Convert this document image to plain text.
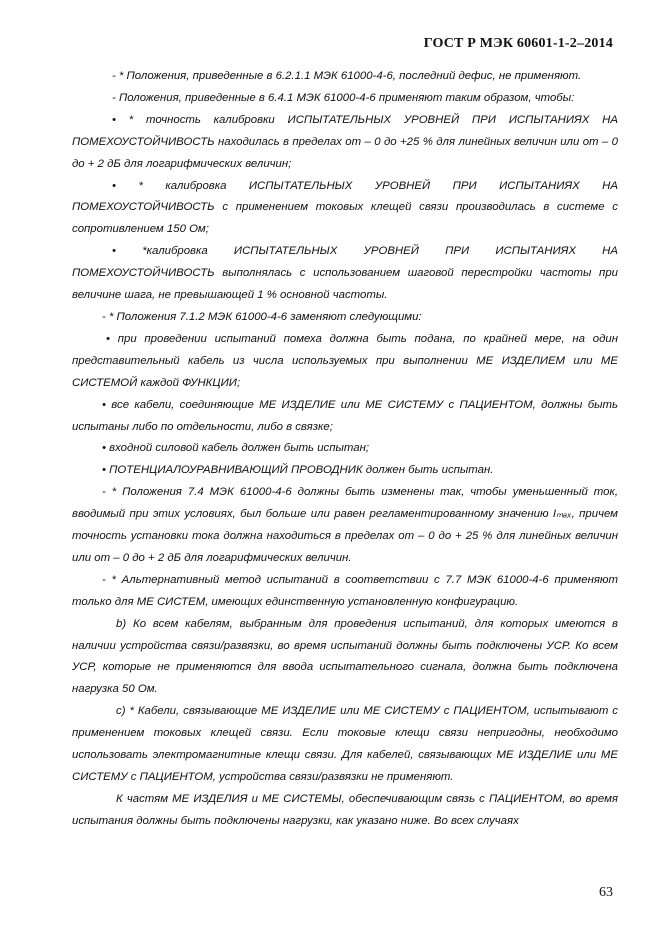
ГОСТ Р МЭК 60601-1-2–2014

- * Положения, приведенные в 6.2.1.1 МЭК 61000-4-6, последний дефис, не применяют.

- Положения, приведенные в 6.4.1 МЭК 61000-4-6 применяют таким образом, чтобы:

• * точность калибровки ИСПЫТАТЕЛЬНЫХ УРОВНЕЙ ПРИ ИСПЫТАНИЯХ НА ПОМЕХОУСТОЙЧИВОСТЬ находилась в пределах от – 0 до +25 % для линейных величин или от – 0 до + 2 дБ для логарифмических величин;

• * калибровка ИСПЫТАТЕЛЬНЫХ УРОВНЕЙ ПРИ ИСПЫТАНИЯХ НА ПОМЕХОУСТОЙЧИВОСТЬ с применением токовых клещей связи производилась в системе с сопротивлением 150 Ом;

• *калибровка ИСПЫТАТЕЛЬНЫХ УРОВНЕЙ ПРИ ИСПЫТАНИЯХ НА ПОМЕХОУСТОЙЧИВОСТЬ выполнялась с использованием шаговой перестройки частоты при величине шага, не превышающей 1 % основной частоты.

- * Положения 7.1.2 МЭК 61000-4-6 заменяют следующими:

• при проведении испытаний помеха должна быть подана, по крайней мере, на один представительный кабель из числа используемых при выполнении МЕ ИЗДЕЛИЕМ или МЕ СИСТЕМОЙ каждой ФУНКЦИИ;

• все кабели, соединяющие МЕ ИЗДЕЛИЕ или МЕ СИСТЕМУ с ПАЦИЕНТОМ, должны быть испытаны либо по отдельности, либо в связке;

• входной силовой кабель должен быть испытан;

• ПОТЕНЦИАЛОУРАВНИВАЮЩИЙ ПРОВОДНИК должен быть испытан.

- * Положения 7.4 МЭК 61000-4-6 должны быть изменены так, чтобы уменьшенный ток, вводимый при этих условиях, был больше или равен регламентированному значению Iₘₐₓ, причем точность установки тока должна находиться в пределах от – 0 до + 25 % для линейных величин или от – 0 до + 2 дБ для логарифмических величин.

- * Альтернативный метод испытаний в соответствии с 7.7 МЭК 61000-4-6 применяют только для МЕ СИСТЕМ, имеющих единственную установленную конфигурацию.

b) Ко всем кабелям, выбранным для проведения испытаний, для которых имеются в наличии устройства связи/развязки, во время испытаний должны быть подключены УСР. Ко всем УСР, которые не применяются для ввода испытательного сигнала, должна быть подключена нагрузка 50 Ом.

c) * Кабели, связывающие МЕ ИЗДЕЛИЕ или МЕ СИСТЕМУ с ПАЦИЕНТОМ, испытывают с применением токовых клещей связи. Если токовые клещи связи непригодны, необходимо использовать электромагнитные клещи связи. Для кабелей, связывающих МЕ ИЗДЕЛИЕ или МЕ СИСТЕМУ с ПАЦИЕНТОМ, устройства связи/развязки не применяют.

К частям МЕ ИЗДЕЛИЯ и МЕ СИСТЕМЫ, обеспечивающим связь с ПАЦИЕНТОМ, во время испытания должны быть подключены нагрузки, как указано ниже. Во всех случаях

63
